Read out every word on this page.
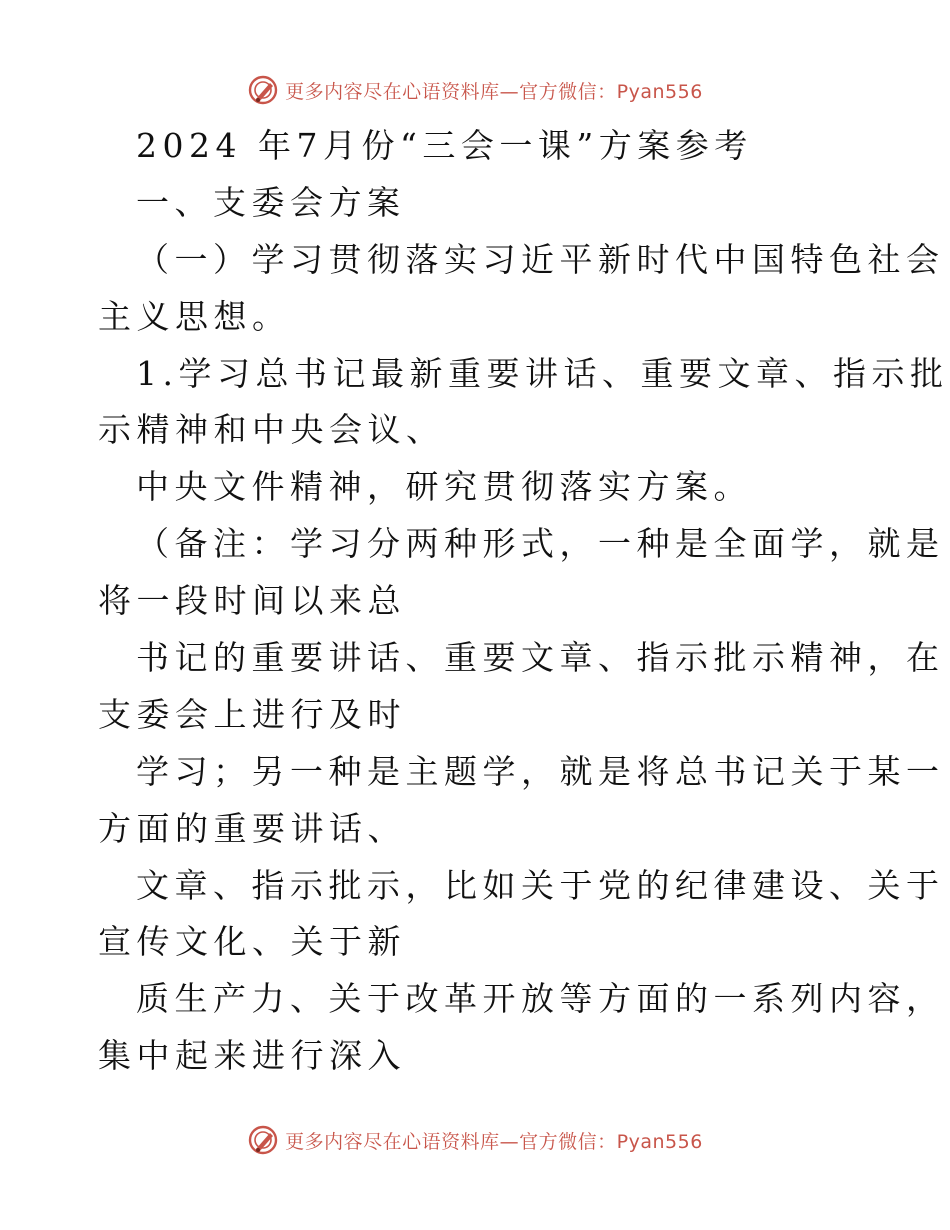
更多内容尽在心语资料库—官方微信：Pyan556
2024 年7月份“三会一课”方案参考
一、支委会方案
（一）学习贯彻落实习近平新时代中国特色社会
主义思想。
1.学习总书记最新重要讲话、重要文章、指示批
示精神和中央会议、
中央文件精神，研究贯彻落实方案。
（备注：学习分两种形式，一种是全面学，就是
将一段时间以来总
书记的重要讲话、重要文章、指示批示精神，在
支委会上进行及时
学习；另一种是主题学，就是将总书记关于某一
方面的重要讲话、
文章、指示批示，比如关于党的纪律建设、关于
宣传文化、关于新
质生产力、关于改革开放等方面的一系列内容，
集中起来进行深入
更多内容尽在心语资料库—官方微信：Pyan556
